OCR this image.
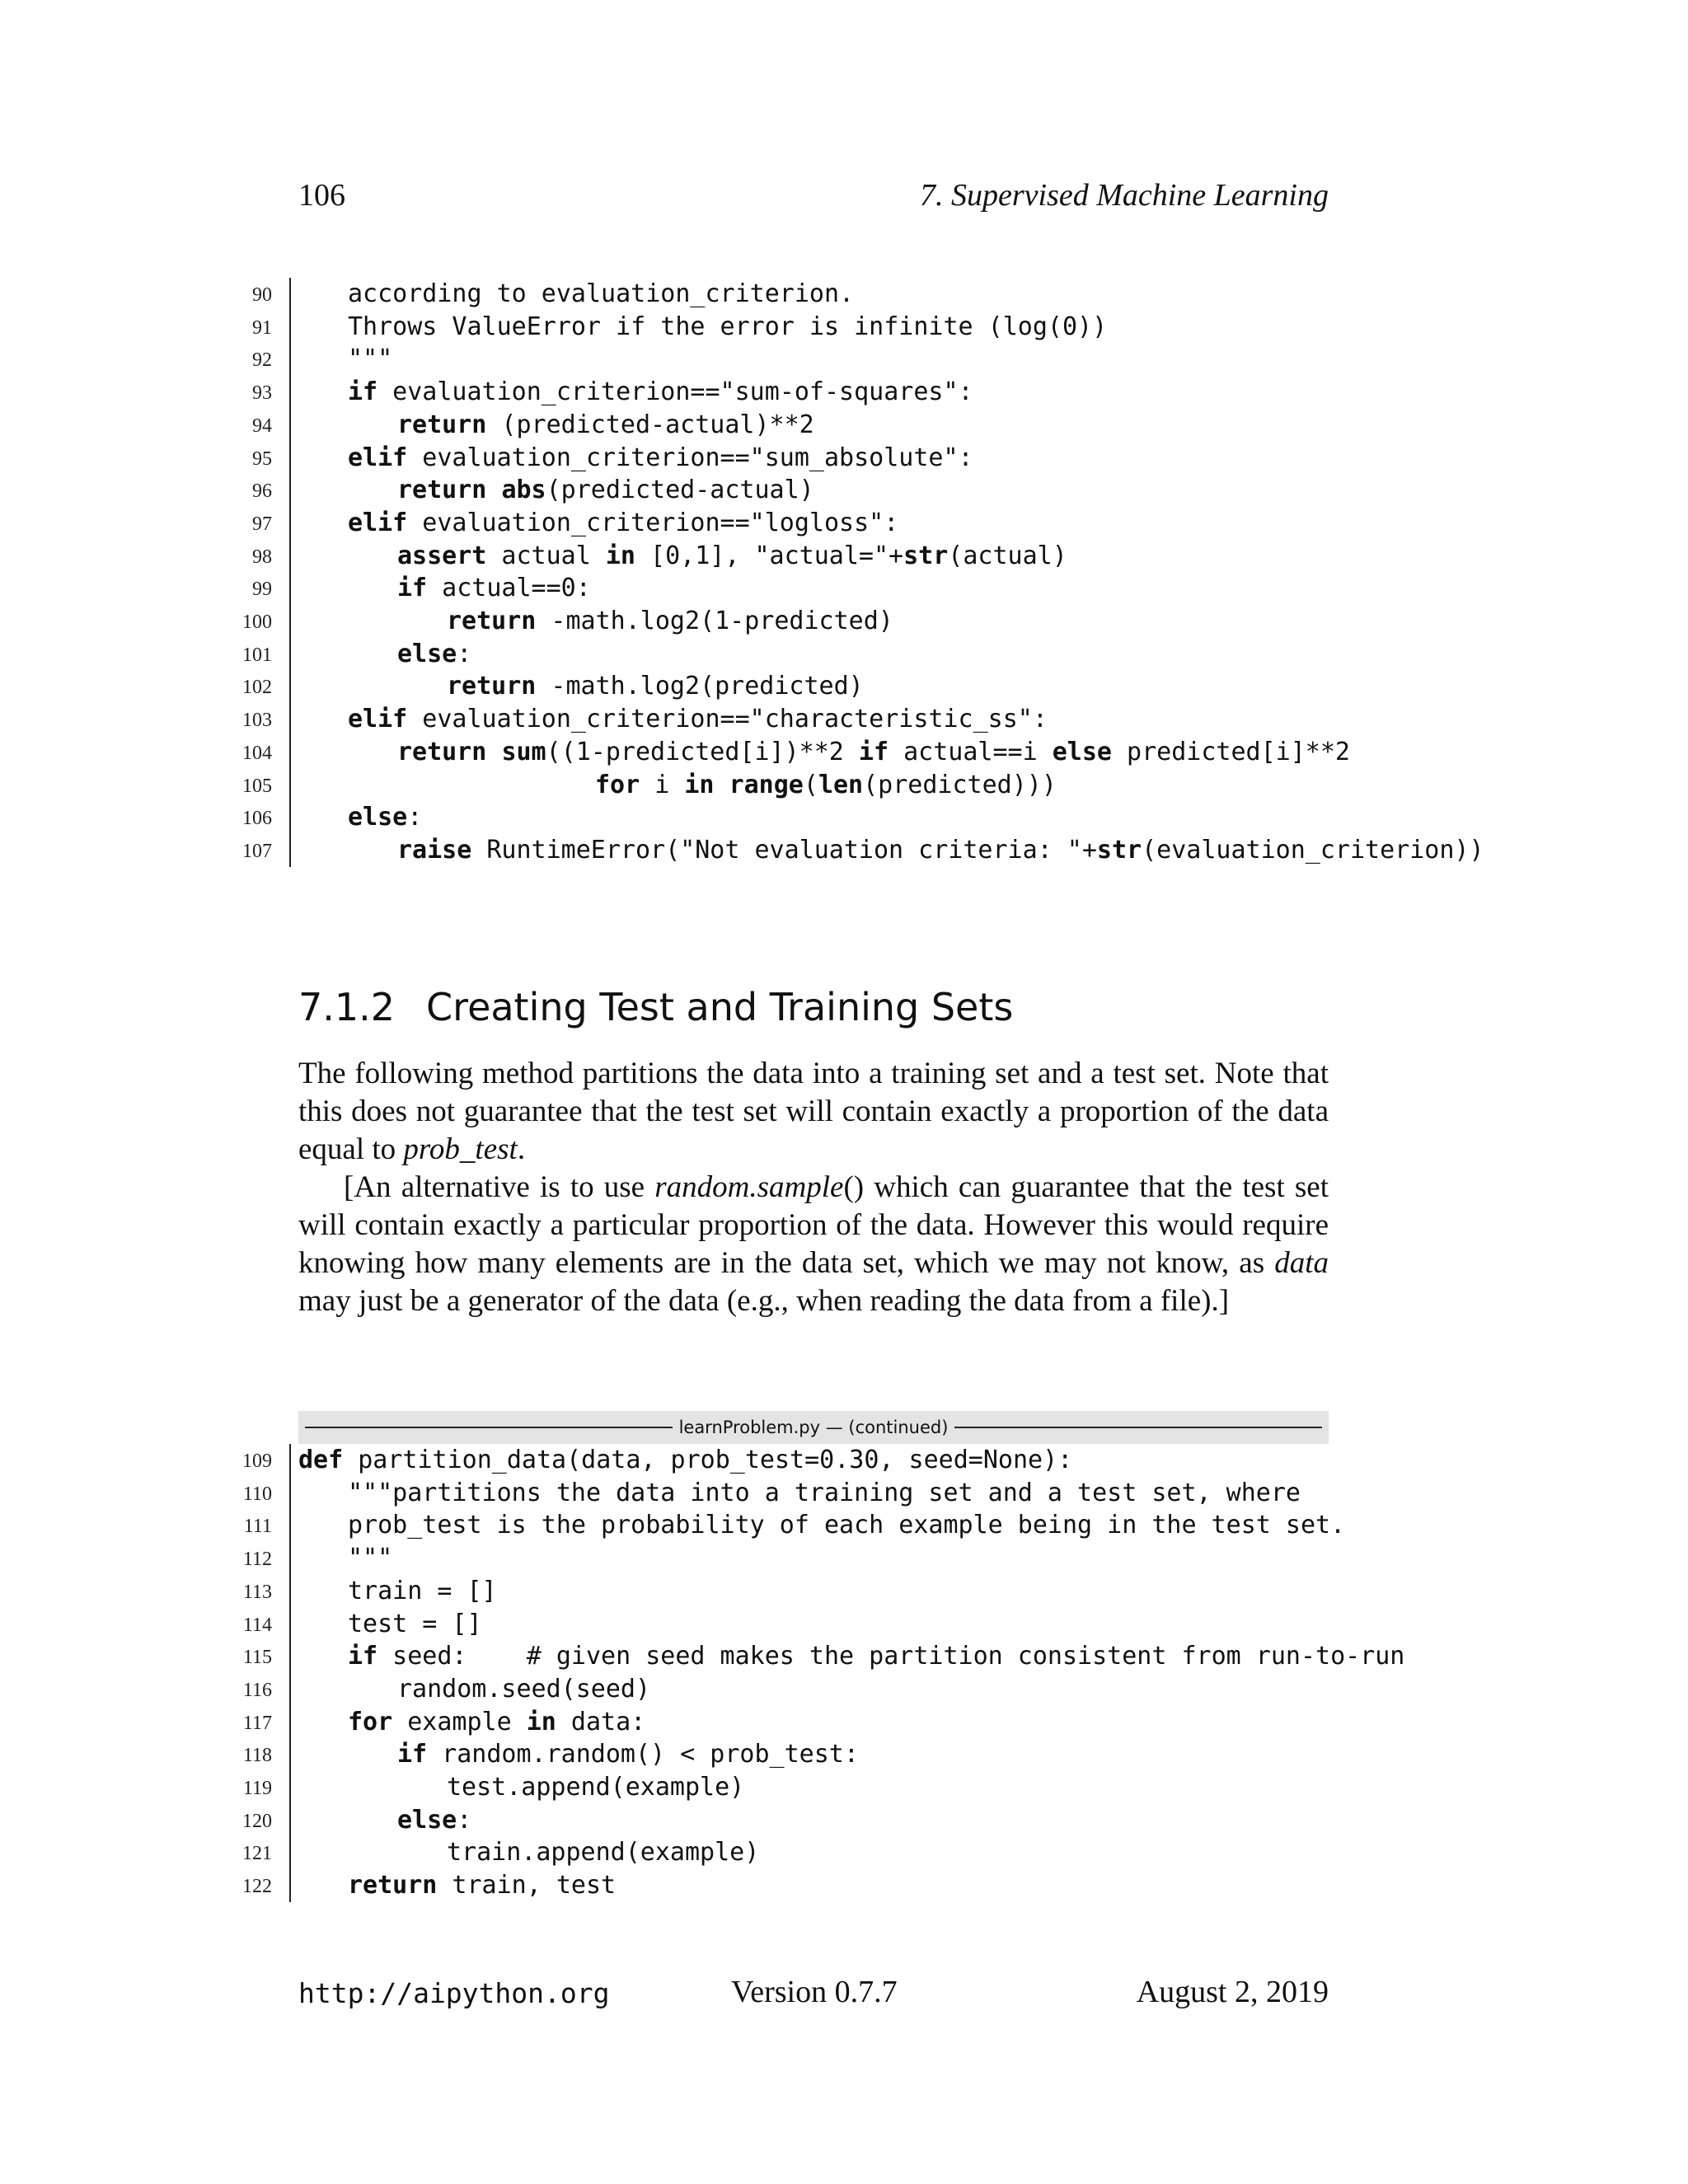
106	7. Supervised Machine Learning
90	according to evaluation_criterion.
91	Throws ValueError if the error is infinite (log(0))
92	"""
93	if evaluation_criterion=="sum-of-squares":
94	return (predicted-actual)**2
95	elif evaluation_criterion=="sum_absolute":
96	return abs(predicted-actual)
97	elif evaluation_criterion=="logloss":
98	assert actual in [0,1], "actual="+str(actual)
99	if actual==0:
100	return -math.log2(1-predicted)
101	else:
102	return -math.log2(predicted)
103	elif evaluation_criterion=="characteristic_ss":
104	return sum((1-predicted[i])**2 if actual==i else predicted[i]**2
105	for i in range(len(predicted)))
106	else:
107	raise RuntimeError("Not evaluation criteria: "+str(evaluation_criterion))
7.1.2 Creating Test and Training Sets
The following method partitions the data into a training set and a test set. Note that this does not guarantee that the test set will contain exactly a proportion of the data equal to prob_test.
[An alternative is to use random.sample() which can guarantee that the test set will contain exactly a particular proportion of the data. However this would require knowing how many elements are in the data set, which we may not know, as data may just be a generator of the data (e.g., when reading the data from a file).]
learnProblem.py — (continued)
109 def partition_data(data, prob_test=0.30, seed=None):
110	"""partitions the data into a training set and a test set, where
111	prob_test is the probability of each example being in the test set.
112	"""
113	train = []
114	test = []
115	if seed:    # given seed makes the partition consistent from run-to-run
116	random.seed(seed)
117	for example in data:
118	if random.random() < prob_test:
119	test.append(example)
120	else:
121	train.append(example)
122	return train, test
http://aipython.org	Version 0.7.7	August 2, 2019
